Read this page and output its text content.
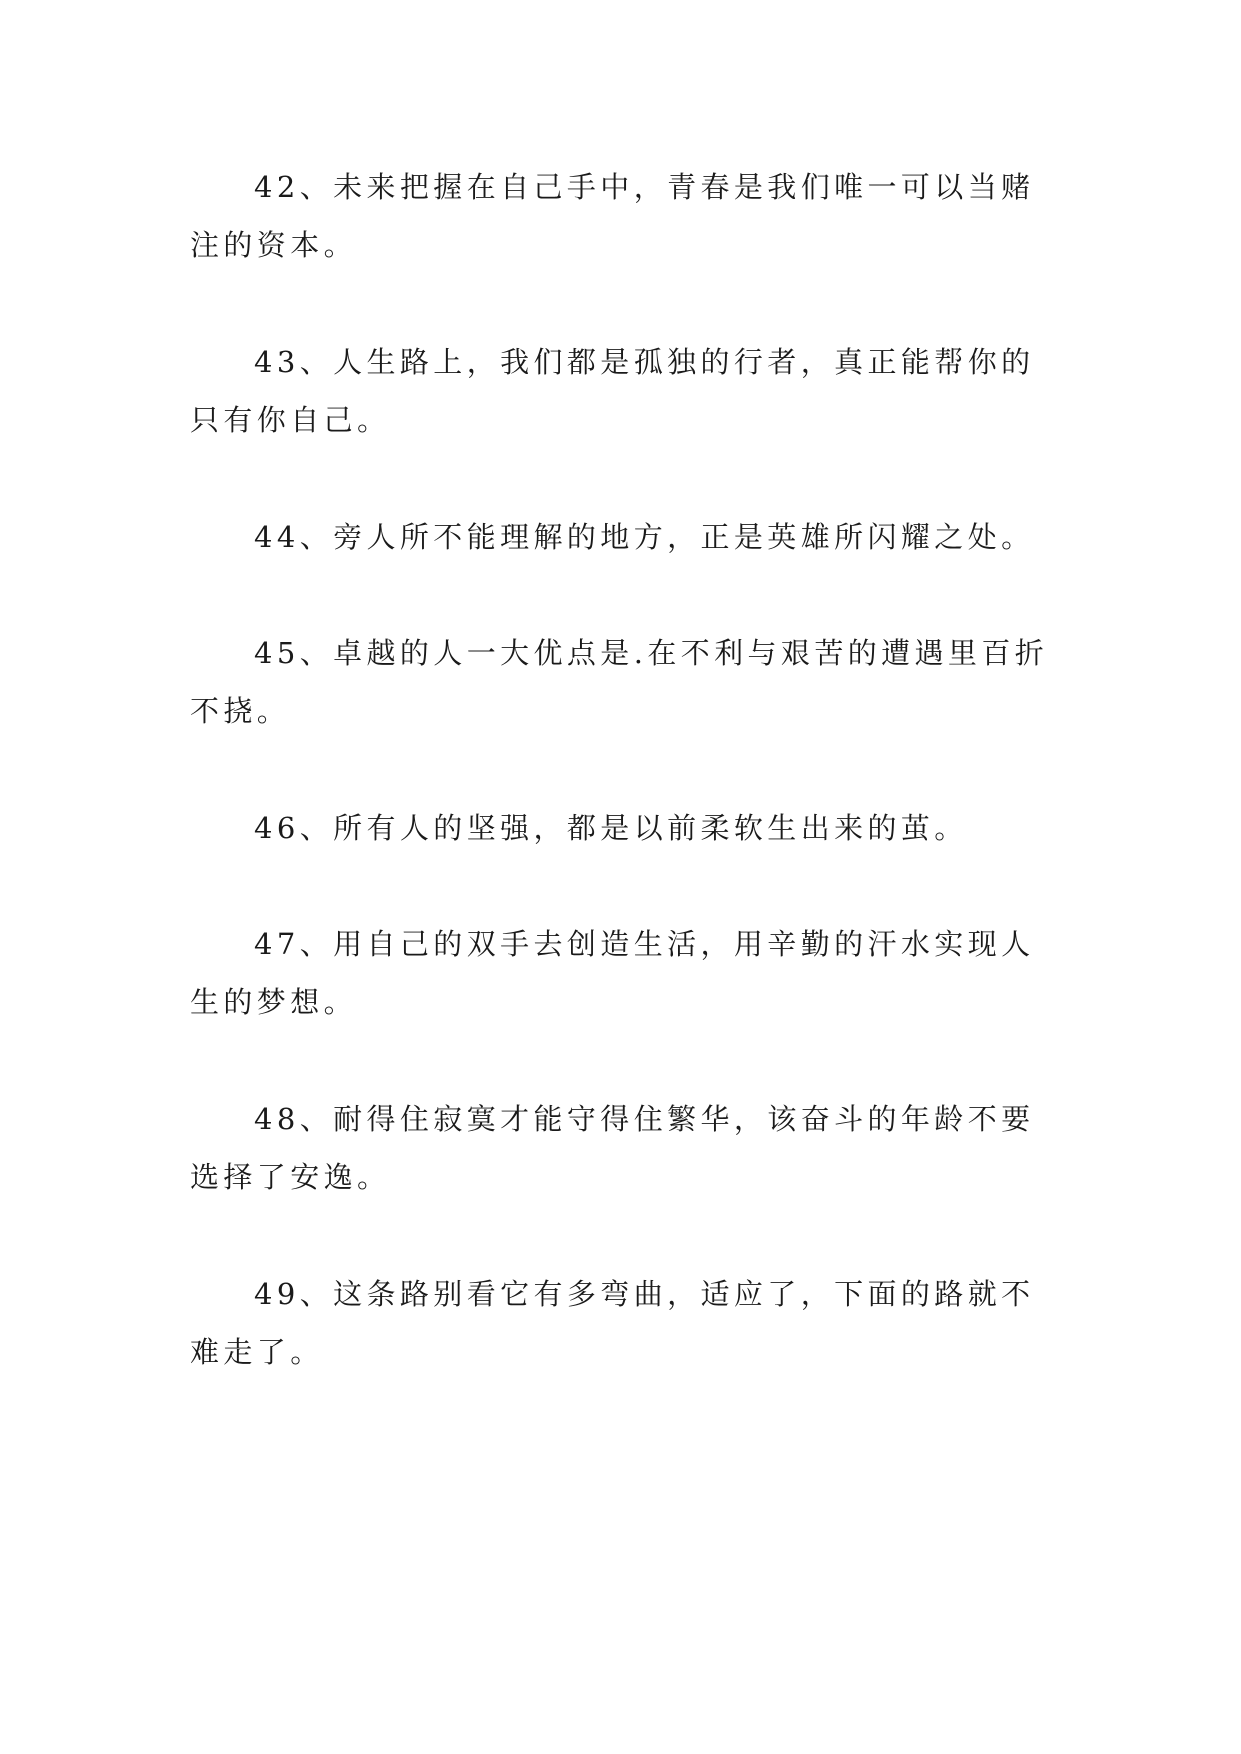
42、未来把握在自己手中，青春是我们唯一可以当赌注的资本。

43、人生路上，我们都是孤独的行者，真正能帮你的只有你自己。

44、旁人所不能理解的地方，正是英雄所闪耀之处。

45、卓越的人一大优点是.在不利与艰苦的遭遇里百折不挠。

46、所有人的坚强，都是以前柔软生出来的茧。

47、用自己的双手去创造生活，用辛勤的汗水实现人生的梦想。

48、耐得住寂寞才能守得住繁华，该奋斗的年龄不要选择了安逸。

49、这条路别看它有多弯曲，适应了，下面的路就不难走了。
